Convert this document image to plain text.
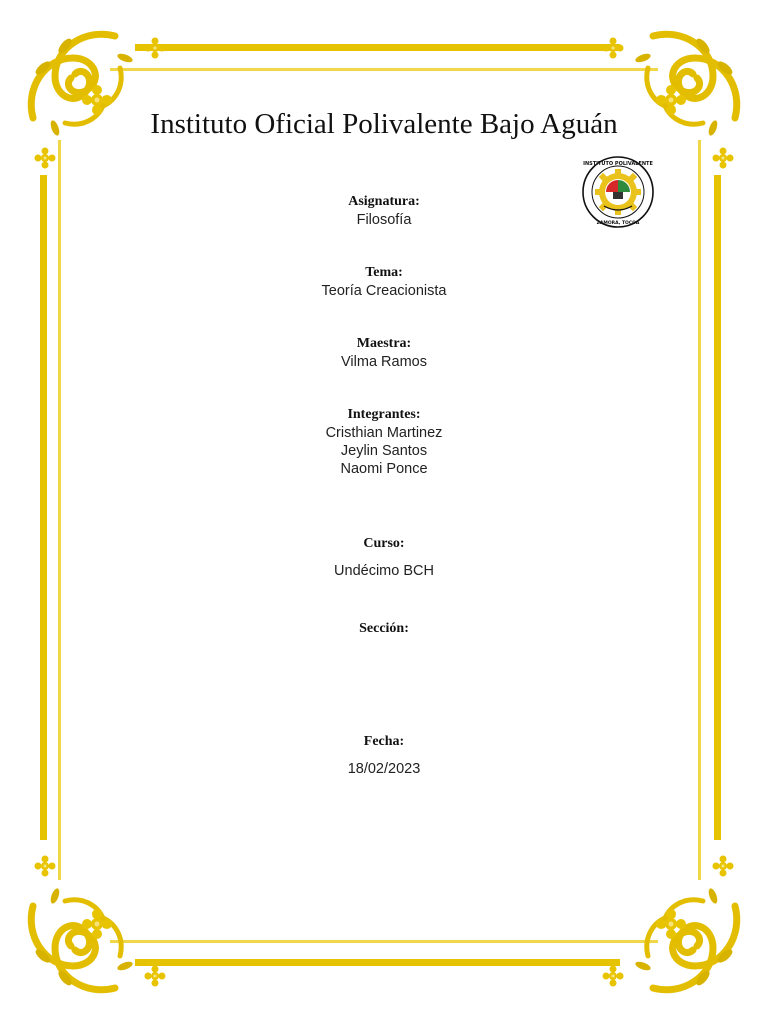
Instituto Oficial Polivalente Bajo Aguán
INSTITUTO POLIVALENTE
ZAMORA, TOCOA
Asignatura:
Filosofía
Tema:
Teoría Creacionista
Maestra:
Vilma Ramos
Integrantes:
Cristhian Martinez
Jeylin Santos
Naomi Ponce
Curso:
Undécimo BCH
Sección:
Fecha:
18/02/2023
